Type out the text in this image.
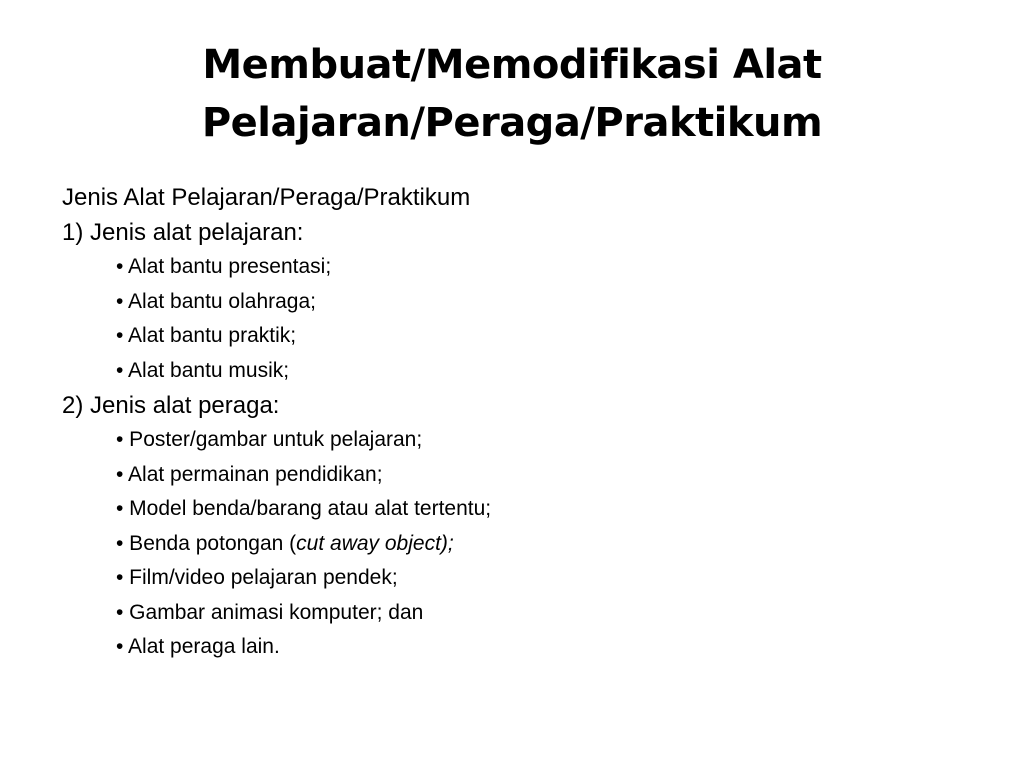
Membuat/Memodifikasi Alat
Pelajaran/Peraga/Praktikum
Jenis Alat Pelajaran/Peraga/Praktikum
1) Jenis alat pelajaran:
• Alat bantu presentasi;
• Alat bantu olahraga;
• Alat bantu praktik;
• Alat bantu musik;
2) Jenis alat peraga:
• Poster/gambar untuk pelajaran;
• Alat permainan pendidikan;
• Model benda/barang atau alat tertentu;
• Benda potongan (cut away object);
• Film/video pelajaran pendek;
• Gambar animasi komputer; dan
• Alat peraga lain.
